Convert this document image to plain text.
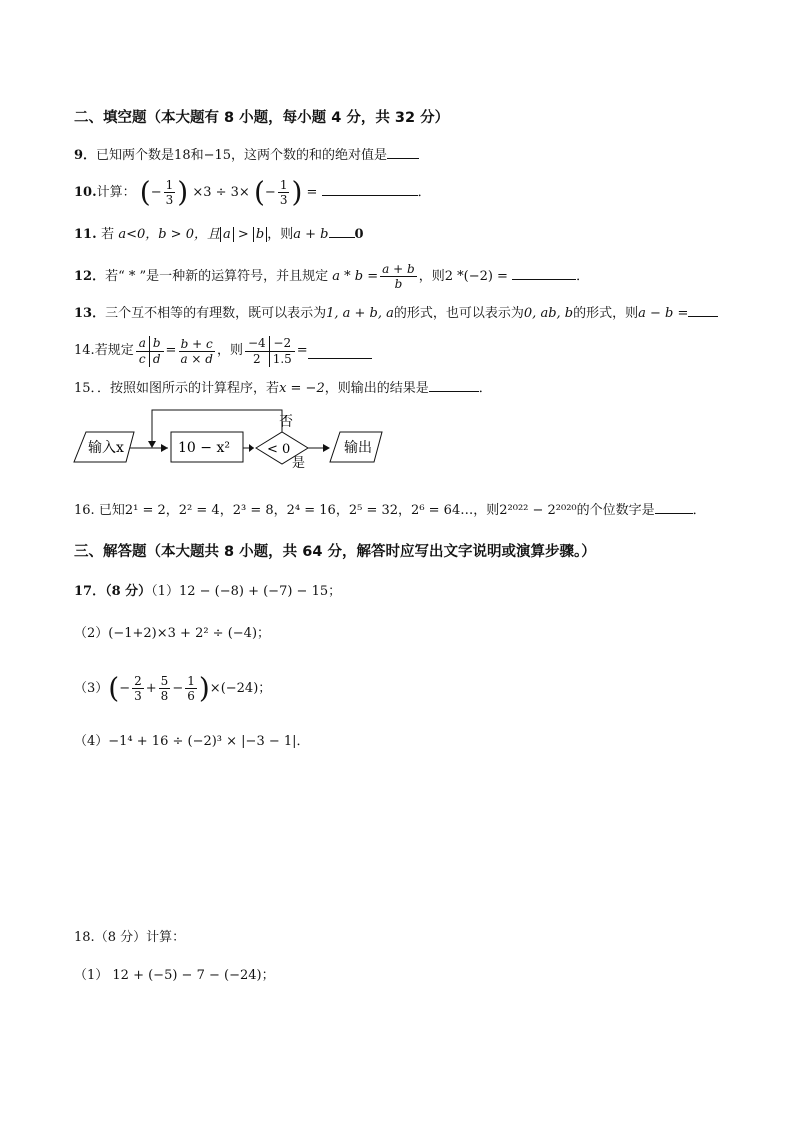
二、填空题（本大题有 8 小题，每小题 4 分，共 32 分）
9．已知两个数是18和−15，这两个数的和的绝对值是
10.计算： (− $\frac{1}{3}$ ) ×3 ÷ 3× (− $\frac{1}{3}$ ) =	．
11. 若 a<0，b > 0，且 a > b ，则a + b 0
12．若“ * ”是一种新的运算符号，并且规定 $a * b = \frac{a + b}{b}$ ，则2 *(−2) =	．
13．三个互不相等的有理数，既可以表示为1, a + b, a的形式，也可以表示为0, ab, b的形式，则a − b =
14. 若规定
a b
c d
= $\frac{b + c}{a \times d}$ ，则
−4 −2
2	1.5
=
15．．按照如图所示的计算程序，若x = −2，则输出的结果是	．
输入x	10 − x²	< 0
否
是
输出
16. 已知2¹ = 2，2² = 4，2³ = 8，2⁴ = 16，2⁵ = 32，2⁶ = 64…，则2²⁰²² − 2²⁰²⁰的个位数字是	．
三、解答题（本大题共 8 小题，共 64 分，解答时应写出文字说明或演算步骤。）
17．（8 分）（1）12 − (−8) + (−7) − 15；
（2）(−1+2)×3 + 2² ÷ (−4)；
$(3)(- \frac{2}{3} + \frac{5}{8} - \frac{1}{6} )\times(-24)$；
（4）−1⁴ + 16 ÷ (−2)³ × |−3 − 1|．
18.（8 分）计算：
（1） 12 + (−5) − 7 − (−24)；
